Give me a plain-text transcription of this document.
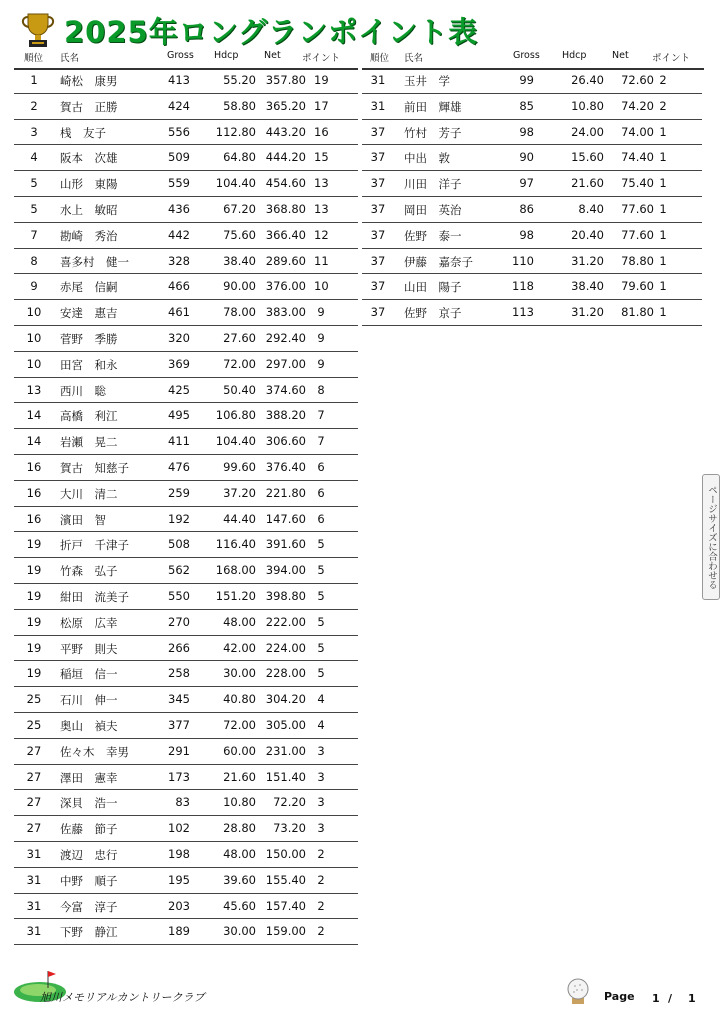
2025年ロングランポイント表
順位 氏名	Gross Hdcp	Net ポイント	順位 氏名	Gross Hdcp	Net ポイント
1	崎松　康男	413	55.20 357.80 19
2	賀古　正勝	424	58.80 365.20 17
3	桟　友子	556 112.80 443.20 16
4	阪本　次雄	509	64.80 444.20 15
5	山形　東陽	559 104.40 454.60 13
5	水上　敏昭	436	67.20 368.80 13
7	勘崎　秀治	442	75.60 366.40 12
8	喜多村　健一	328	38.40 289.60 11
9	赤尾　信嗣	466	90.00 376.00 10
10	安達　惠吉	461	78.00 383.00 9
10	菅野　季勝	320	27.60 292.40 9
10	田宮　和永	369	72.00 297.00 9
13	西川　聡	425	50.40 374.60 8
14	高橋　利江	495 106.80 388.20 7
14	岩瀬　晃二	411 104.40 306.60 7
16	賀古　知慈子	476	99.60 376.40 6
16	大川　清二	259	37.20 221.80 6
16	濱田　智	192	44.40 147.60 6
19	折戸　千津子	508 116.40 391.60 5
19	竹森　弘子	562 168.00 394.00 5
19	紺田　流美子	550 151.20 398.80 5
19	松原　広幸	270	48.00 222.00 5
19	平野　則夫	266	42.00 224.00 5
19	稲垣　信一	258	30.00 228.00 5
25	石川　伸一	345	40.80 304.20 4
25	奥山　禎夫	377	72.00 305.00 4
27	佐々木　幸男	291	60.00 231.00 3
27	澤田　憲幸	173	21.60 151.40 3
27	深貝　浩一	83	10.80 72.20 3
27	佐藤　節子	102	28.80 73.20 3
31	渡辺　忠行	198	48.00 150.00 2
31	中野　順子	195	39.60 155.40 2
31	今富　淳子	203	45.60 157.40 2
31	下野　静江	189	30.00 159.00 2
31	玉井　学	99	26.40 72.60 2
31	前田　輝雄	85	10.80 74.20 2
37	竹村　芳子	98	24.00 74.00 1
37	中出　敦	90	15.60 74.40 1
37	川田　洋子	97	21.60 75.40 1
37	岡田　英治	86	8.40 77.60 1
37	佐野　泰一	98	20.40 77.60 1
37	伊藤　嘉奈子	110	31.20 78.80 1
37	山田　陽子	118	38.40 79.60 1
37	佐野　京子	113	31.20 81.80 1
ページサイズに合わせる
旭川メモリアルカントリークラブ	Page 1 / 1
